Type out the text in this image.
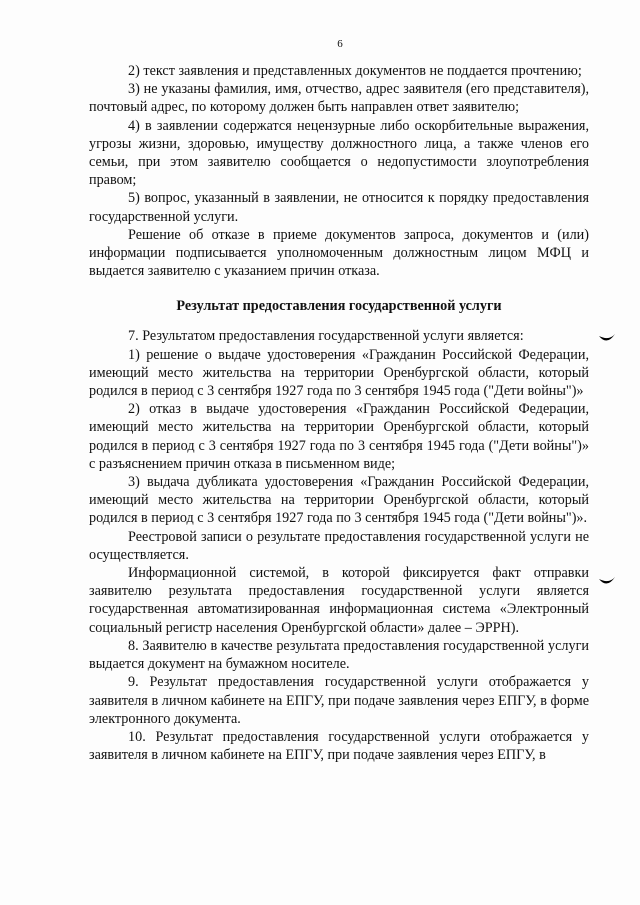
6

2) текст заявления и представленных документов не поддается прочтению;

3) не указаны фамилия, имя, отчество, адрес заявителя (его представителя), почтовый адрес, по которому должен быть направлен ответ заявителю;

4) в заявлении содержатся нецензурные либо оскорбительные выражения, угрозы жизни, здоровью, имуществу должностного лица, а также членов его семьи, при этом заявителю сообщается о недопустимости злоупотребления правом;

5) вопрос, указанный в заявлении, не относится к порядку предоставления государственной услуги.

Решение об отказе в приеме документов запроса, документов и (или) информации подписывается уполномоченным должностным лицом МФЦ и выдается заявителю с указанием причин отказа.

Результат предоставления государственной услуги

7. Результатом предоставления государственной услуги является:

1) решение о выдаче удостоверения «Гражданин Российской Федерации, имеющий место жительства на территории Оренбургской области, который родился в период с 3 сентября 1927 года по 3 сентября 1945 года ("Дети войны")»

2) отказ в выдаче удостоверения «Гражданин Российской Федерации, имеющий место жительства на территории Оренбургской области, который родился в период с 3 сентября 1927 года по 3 сентября 1945 года ("Дети войны")» с разъяснением причин отказа в письменном виде;

3) выдача дубликата удостоверения «Гражданин Российской Федерации, имеющий место жительства на территории Оренбургской области, который родился в период с 3 сентября 1927 года по 3 сентября 1945 года ("Дети войны")».

Реестровой записи о результате предоставления государственной услуги не осуществляется.

Информационной системой, в которой фиксируется факт отправки заявителю результата предоставления государственной услуги является государственная автоматизированная информационная система «Электронный социальный регистр населения Оренбургской области» далее – ЭРРН).

8. Заявителю в качестве результата предоставления государственной услуги выдается документ на бумажном носителе.

9. Результат предоставления государственной услуги отображается у заявителя в личном кабинете на ЕПГУ, при подаче заявления через ЕПГУ, в форме электронного документа.

10. Результат предоставления государственной услуги отображается у заявителя в личном кабинете на ЕПГУ, при подаче заявления через ЕПГУ, в
